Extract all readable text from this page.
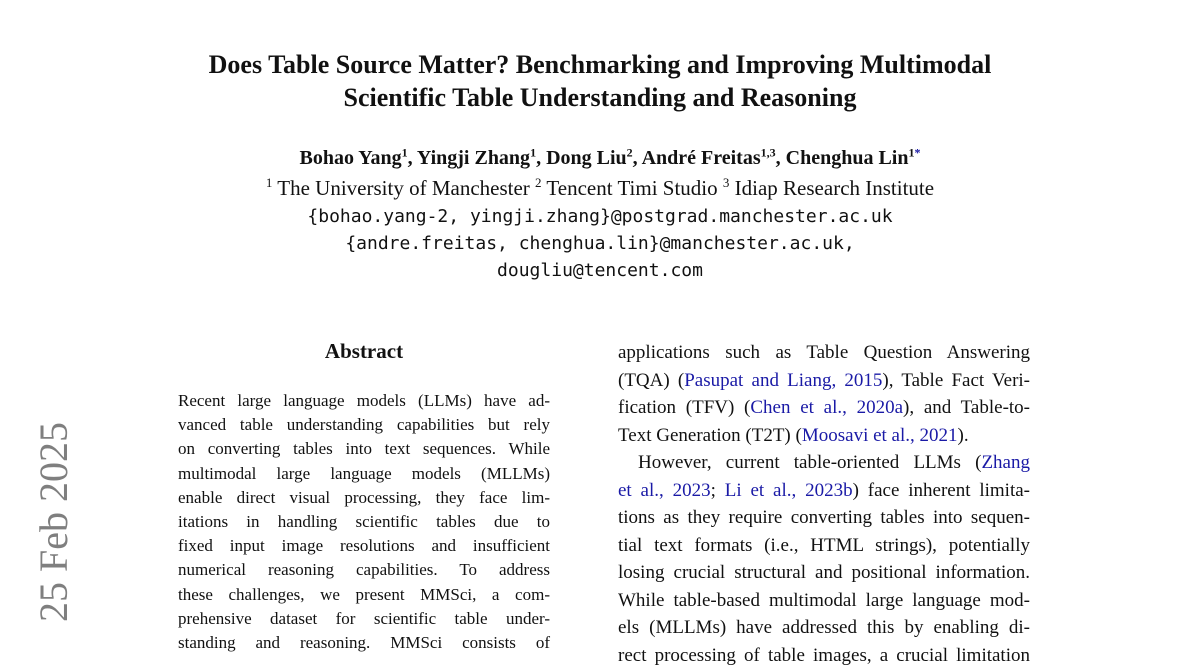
Does Table Source Matter? Benchmarking and Improving Multimodal
Scientific Table Understanding and Reasoning
Bohao Yang$^1$, Yingji Zhang$^1$, Dong Liu$^2$, André Freitas$^{1,3}$, Chenghua Lin$^{1*}$
$^1$ The University of Manchester $^2$ Tencent Timi Studio $^3$ Idiap Research Institute
{bohao.yang-2, yingji.zhang}@postgrad.manchester.ac.uk
{andre.freitas, chenghua.lin}@manchester.ac.uk,
dougliu@tencent.com
25 Feb 2025
Abstract
Recent large language models (LLMs) have ad-
vanced table understanding capabilities but rely
on converting tables into text sequences. While
multimodal large language models (MLLMs)
enable direct visual processing, they face lim-
itations in handling scientific tables due to
fixed input image resolutions and insufficient
numerical reasoning capabilities. To address
these challenges, we present MMSci, a com-
prehensive dataset for scientific table under-
standing and reasoning. MMSci consists of
applications such as Table Question Answering
(TQA) (Pasupat and Liang, 2015), Table Fact Veri-
fication (TFV) (Chen et al., 2020a), and Table-to-
Text Generation (T2T) (Moosavi et al., 2021).
However, current table-oriented LLMs (Zhang
et al., 2023; Li et al., 2023b) face inherent limita-
tions as they require converting tables into sequen-
tial text formats (i.e., HTML strings), potentially
losing crucial structural and positional information.
While table-based multimodal large language mod-
els (MLLMs) have addressed this by enabling di-
rect processing of table images, a crucial limitation
